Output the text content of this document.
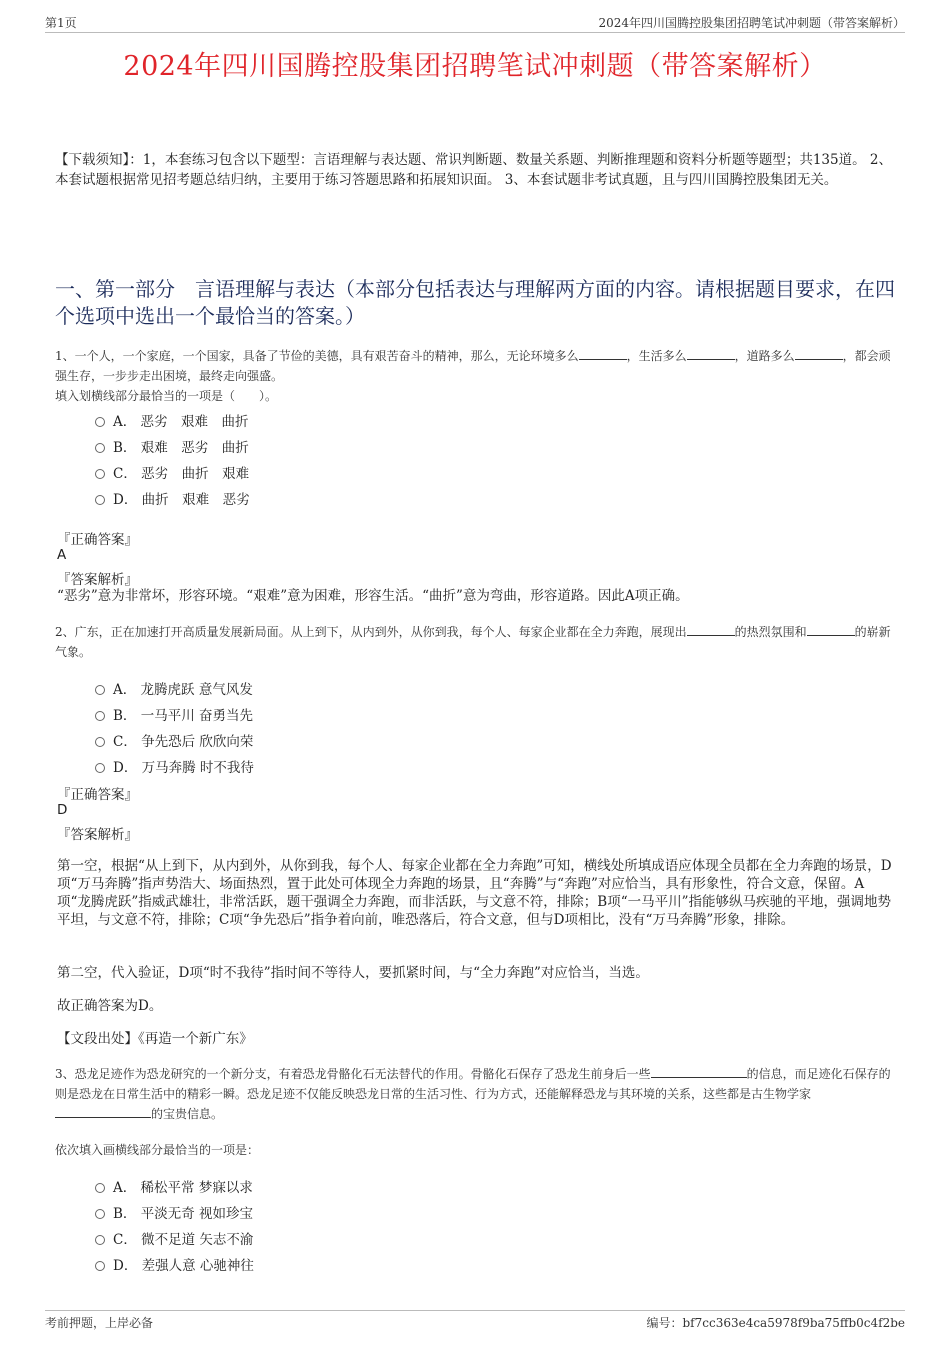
第1页	2024年四川国腾控股集团招聘笔试冲刺题（带答案解析）
2024年四川国腾控股集团招聘笔试冲刺题（带答案解析）
【下载须知】：1，本套练习包含以下题型：言语理解与表达题、常识判断题、数量关系题、判断推理题和资料分析题等题型；共135道。 2、本套试题根据常见招考题总结归纳，主要用于练习答题思路和拓展知识面。 3、本套试题非考试真题，且与四川国腾控股集团无关。
一、第一部分　言语理解与表达（本部分包括表达与理解两方面的内容。请根据题目要求，在四个选项中选出一个最恰当的答案。）
1、一个人，一个家庭，一个国家，具备了节俭的美德，具有艰苦奋斗的精神，那么，无论环境多么	，生活多么	，道路多么	，都会顽强生存，一步步走出困境，最终走向强盛。
填入划横线部分最恰当的一项是（　　）。
A． 恶劣　艰难　曲折
B． 艰难　恶劣　曲折
C． 恶劣　曲折　艰难
D． 曲折　艰难　恶劣
『正确答案』
A
『答案解析』
“恶劣”意为非常坏，形容环境。“艰难”意为困难，形容生活。“曲折”意为弯曲，形容道路。因此A项正确。
2、广东，正在加速打开高质量发展新局面。从上到下，从内到外，从你到我，每个人、每家企业都在全力奔跑，展现出	的热烈氛围和	的崭新气象。
A． 龙腾虎跃 意气风发
B． 一马平川 奋勇当先
C． 争先恐后 欣欣向荣
D． 万马奔腾 时不我待
『正确答案』
D
『答案解析』
第一空，根据“从上到下，从内到外，从你到我，每个人、每家企业都在全力奔跑”可知，横线处所填成语应体现全员都在全力奔跑的场景，D项“万马奔腾”指声势浩大、场面热烈，置于此处可体现全力奔跑的场景，且“奔腾”与“奔跑”对应恰当，具有形象性，符合文意，保留。A项“龙腾虎跃”指威武雄壮，非常活跃，题干强调全力奔跑，而非活跃，与文意不符，排除；B项“一马平川”指能够纵马疾驰的平地，强调地势平坦，与文意不符，排除；C项“争先恐后”指争着向前，唯恐落后，符合文意，但与D项相比，没有“万马奔腾”形象，排除。
第二空，代入验证，D项“时不我待”指时间不等待人，要抓紧时间，与“全力奔跑”对应恰当，当选。
故正确答案为D。
【文段出处】《再造一个新广东》
3、恐龙足迹作为恐龙研究的一个新分支，有着恐龙骨骼化石无法替代的作用。骨骼化石保存了恐龙生前身后一些	的信息，而足迹化石保存的则是恐龙在日常生活中的精彩一瞬。恐龙足迹不仅能反映恐龙日常的生活习性、行为方式，还能解释恐龙与其环境的关系，这些都是古生物学家的宝贵信息。
依次填入画横线部分最恰当的一项是：
A． 稀松平常 梦寐以求
B． 平淡无奇 视如珍宝
C． 微不足道 矢志不渝
D． 差强人意 心驰神往
考前押题，上岸必备	编号：bf7cc363e4ca5978f9ba75ffb0c4f2be
